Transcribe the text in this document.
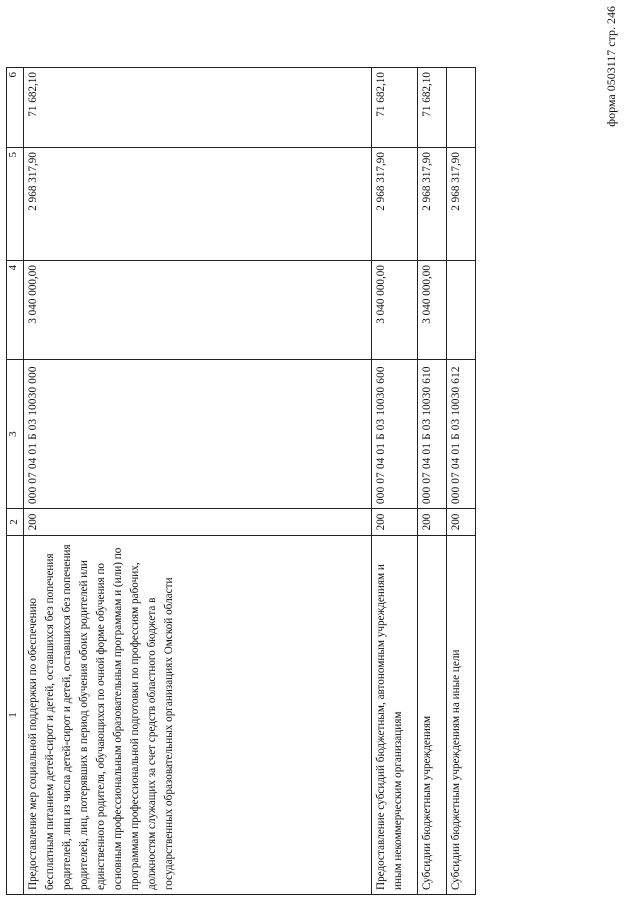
форма 0503117 стр. 246
1	2	3	4	5	6
Предоставление мер социальной поддержки по обеспечению бесплатным питанием детей-сирот и детей, оставшихся без попечения родителей, лиц из числа детей-сирот и детей, оставшихся без попечения родителей, лиц, потерявших в период обучения обоих родителей или единственного родителя, обучающихся по очной форме обучения по основным профессиональным образовательным программам и (или) по программам профессиональной подготовки по профессиям рабочих, должностям служащих за счет средств областного бюджета в государственных образовательных организациях Омской области	200	000 07 04 01 Б 03 10030 000	3 040 000,00	2 968 317,90	71 682,10
Предоставление субсидий бюджетным, автономным учреждениям и иным некоммерческим организациям	200	000 07 04 01 Б 03 10030 600	3 040 000,00	2 968 317,90	71 682,10
Субсидии бюджетным учреждениям	200	000 07 04 01 Б 03 10030 610	3 040 000,00	2 968 317,90	71 682,10
Субсидии бюджетным учреждениям на иные цели	200	000 07 04 01 Б 03 10030 612		2 968 317,90	
